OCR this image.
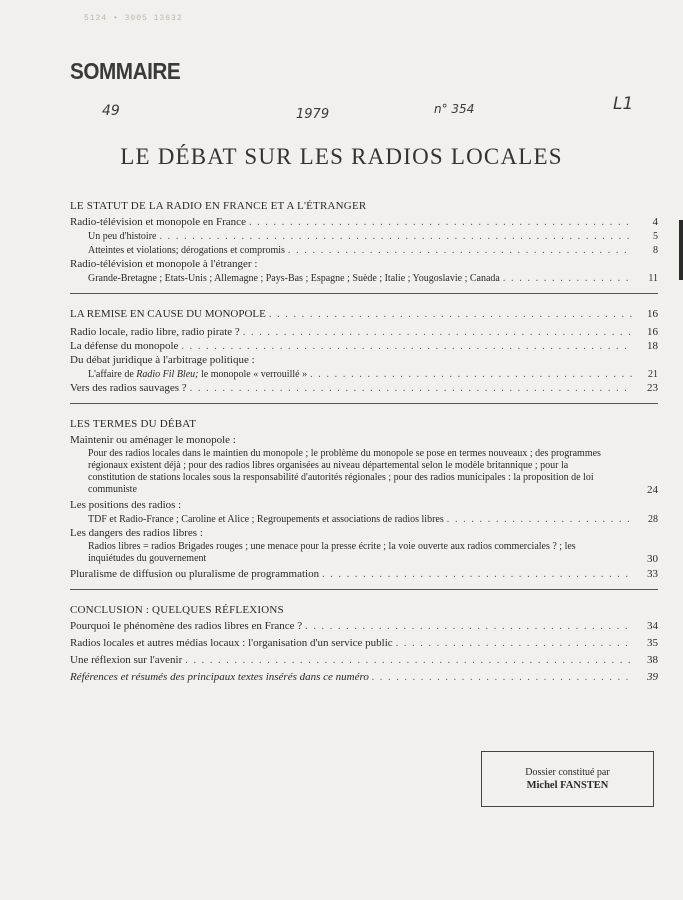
5124 • 3005 13632
SOMMAIRE
49	1979	n° 354	L1
LE DÉBAT SUR LES RADIOS LOCALES
LE STATUT DE LA RADIO EN FRANCE ET A L'ÉTRANGER
Radio-télévision et monopole en France . . .	4
Un peu d'histoire . . .	5
Atteintes et violations; dérogations et compromis . . .	8
Radio-télévision et monopole à l'étranger :
Grande-Bretagne ; Etats-Unis ; Allemagne ; Pays-Bas ; Espagne ; Suède ; Italie ; Yougoslavie ; Canada . . .	11
LA REMISE EN CAUSE DU MONOPOLE . . .	16
Radio locale, radio libre, radio pirate ? . . .	16
La défense du monopole . . .	18
Du débat juridique à l'arbitrage politique :
L'affaire de Radio Fil Bleu; le monopole « verrouillé » . . .	21
Vers des radios sauvages ? . . .	23
LES TERMES DU DÉBAT
Maintenir ou aménager le monopole :
Pour des radios locales dans le maintien du monopole ; le problème du monopole se pose en termes nouveaux ; des programmes régionaux existent déjà ; pour des radios libres organisées au niveau départemental selon le modèle britannique ; pour la constitution de stations locales sous la responsabilité d'autorités régionales ; pour des radios municipales : la proposition de loi communiste	24
Les positions des radios :
TDF et Radio-France ; Caroline et Alice ; Regroupements et associations de radios libres . . .	28
Les dangers des radios libres :
Radios libres = radios Brigades rouges ; une menace pour la presse écrite ; la voie ouverte aux radios commerciales ? ; les inquiétudes du gouvernement	30
Pluralisme de diffusion ou pluralisme de programmation . . .	33
CONCLUSION : QUELQUES RÉFLEXIONS
Pourquoi le phénomène des radios libres en France ? . . .	34
Radios locales et autres médias locaux : l'organisation d'un service public . . .	35
Une réflexion sur l'avenir . . .	38
Références et résumés des principaux textes insérés dans ce numéro . . .	39
Dossier constitué par
Michel FANSTEN
